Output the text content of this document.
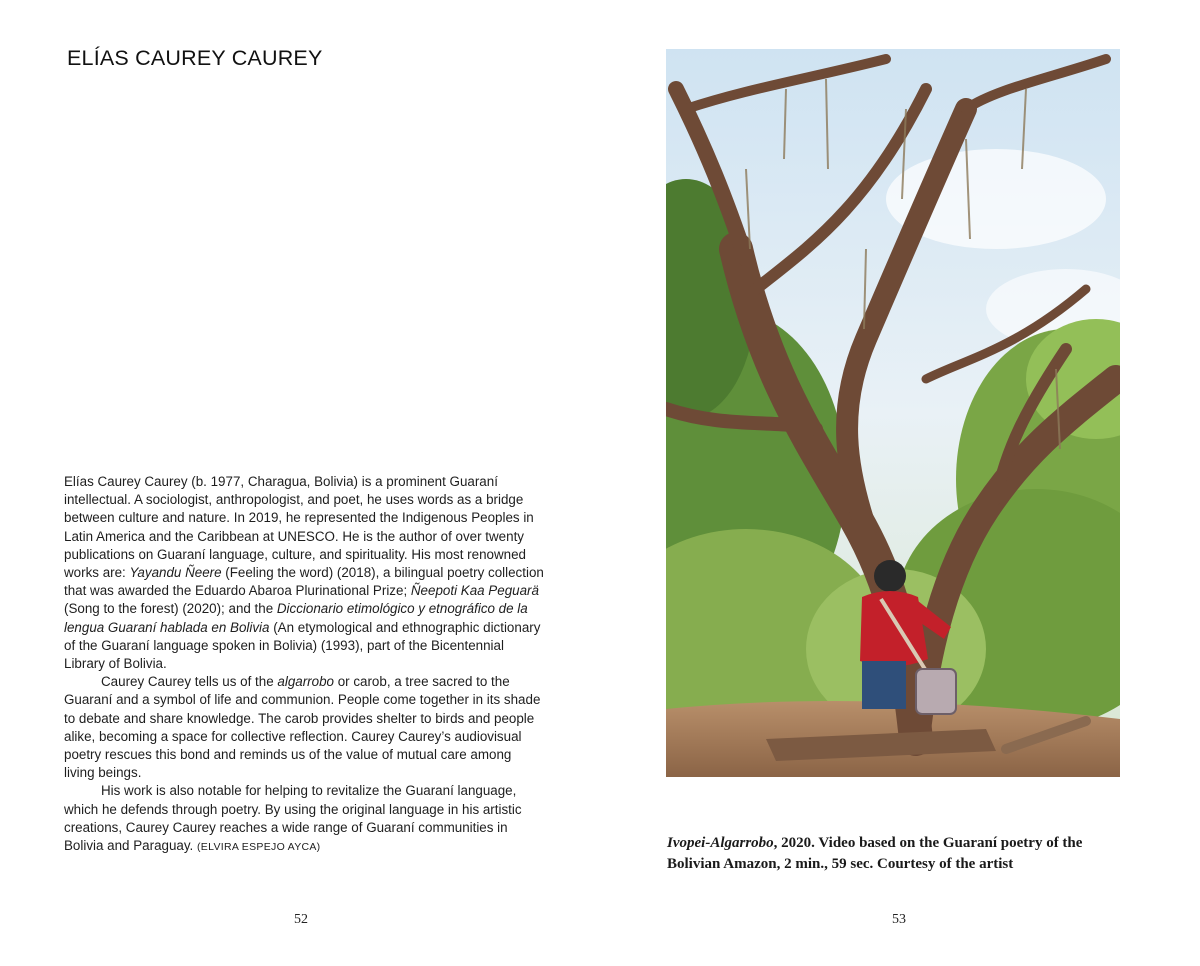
ELÍAS CAUREY CAUREY

Elías Caurey Caurey (b. 1977, Charagua, Bolivia) is a prominent Guaraní intellectual. A sociologist, anthropologist, and poet, he uses words as a bridge between culture and nature. In 2019, he represented the Indigenous Peoples in Latin America and the Caribbean at UNESCO. He is the author of over twenty publications on Guaraní language, culture, and spirituality. His most renowned works are: Yayandu Ñeere (Feeling the word) (2018), a bilingual poetry collection that was awarded the Eduardo Abaroa Plurinational Prize; Ñeepoti Kaa Peguarä (Song to the forest) (2020); and the Diccionario etimológico y etnográfico de la lengua Guaraní hablada en Bolivia (An etymological and ethnographic dictionary of the Guaraní language spoken in Bolivia) (1993), part of the Bicentennial Library of Bolivia.

Caurey Caurey tells us of the algarrobo or carob, a tree sacred to the Guaraní and a symbol of life and communion. People come together in its shade to debate and share knowledge. The carob provides shelter to birds and people alike, becoming a space for collective reflection. Caurey Caurey’s audiovisual poetry rescues this bond and reminds us of the value of mutual care among living beings.

His work is also notable for helping to revitalize the Guaraní language, which he defends through poetry. By using the original language in his artistic creations, Caurey Caurey reaches a wide range of Guaraní communities in Bolivia and Paraguay. (ELVIRA ESPEJO AYCA)

52
Ivopei-Algarrobo, 2020. Video based on the Guaraní poetry of the Bolivian Amazon, 2 min., 59 sec. Courtesy of the artist
53
